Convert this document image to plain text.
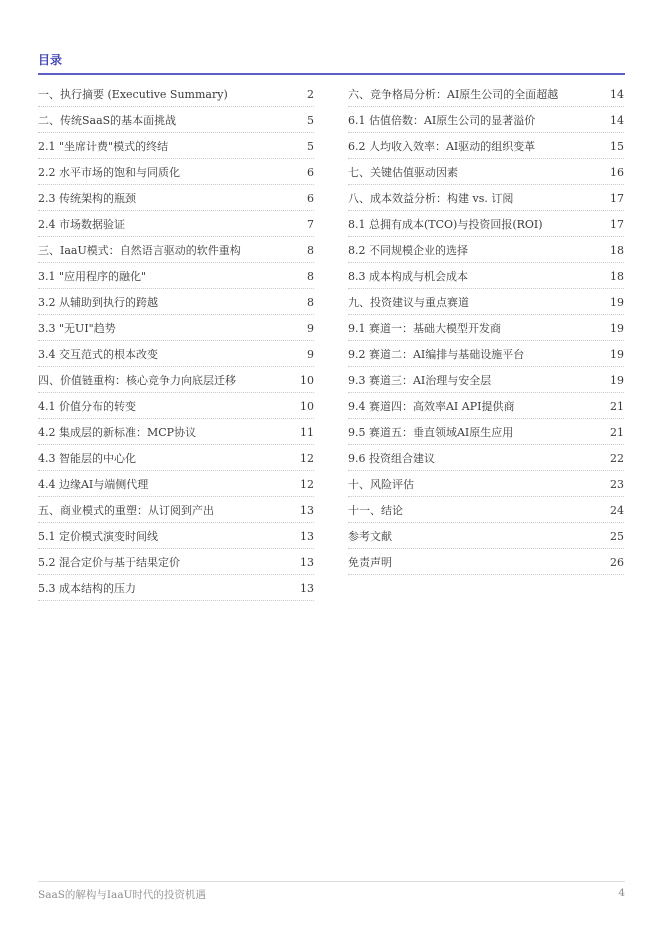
目录
一、执行摘要 (Executive Summary)	2
二、传统SaaS的基本面挑战	5
2.1 "坐席计费"模式的终结	5
2.2 水平市场的饱和与同质化	6
2.3 传统架构的瓶颈	6
2.4 市场数据验证	7
三、IaaU模式：自然语言驱动的软件重构	8
3.1 "应用程序的融化"	8
3.2 从辅助到执行的跨越	8
3.3 "无UI"趋势	9
3.4 交互范式的根本改变	9
四、价值链重构：核心竞争力向底层迁移	10
4.1 价值分布的转变	10
4.2 集成层的新标准：MCP协议	11
4.3 智能层的中心化	12
4.4 边缘AI与端侧代理	12
五、商业模式的重塑：从订阅到产出	13
5.1 定价模式演变时间线	13
5.2 混合定价与基于结果定价	13
5.3 成本结构的压力	13
六、竞争格局分析：AI原生公司的全面超越	14
6.1 估值倍数：AI原生公司的显著溢价	14
6.2 人均收入效率：AI驱动的组织变革	15
七、关键估值驱动因素	16
八、成本效益分析：构建 vs. 订阅	17
8.1 总拥有成本(TCO)与投资回报(ROI)	17
8.2 不同规模企业的选择	18
8.3 成本构成与机会成本	18
九、投资建议与重点赛道	19
9.1 赛道一：基础大模型开发商	19
9.2 赛道二：AI编排与基础设施平台	19
9.3 赛道三：AI治理与安全层	19
9.4 赛道四：高效率AI API提供商	21
9.5 赛道五：垂直领域AI原生应用	21
9.6 投资组合建议	22
十、风险评估	23
十一、结论	24
参考文献	25
免责声明	26
SaaS的解构与IaaU时代的投资机遇	4
